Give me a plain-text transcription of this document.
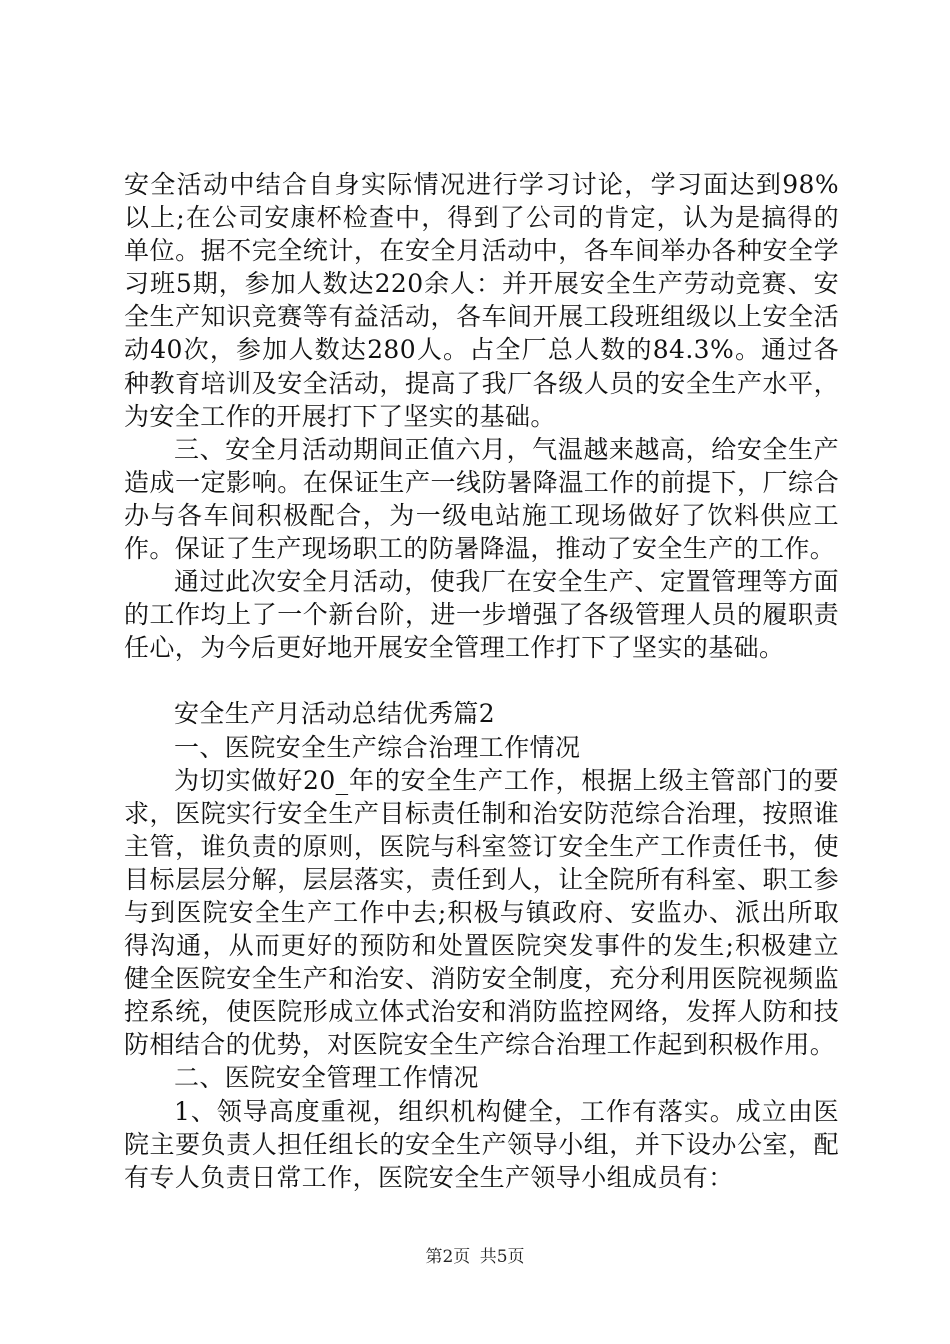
安全活动中结合自身实际情况进行学习讨论，学习面达到98%以上;在公司安康杯检查中，得到了公司的肯定，认为是搞得的单位。据不完全统计，在安全月活动中，各车间举办各种安全学习班5期，参加人数达220余人：并开展安全生产劳动竞赛、安全生产知识竞赛等有益活动，各车间开展工段班组级以上安全活动40次，参加人数达280人。占全厂总人数的84.3%。通过各种教育培训及安全活动，提高了我厂各级人员的安全生产水平，为安全工作的开展打下了坚实的基础。

三、安全月活动期间正值六月，气温越来越高，给安全生产造成一定影响。在保证生产一线防暑降温工作的前提下，厂综合办与各车间积极配合，为一级电站施工现场做好了饮料供应工作。保证了生产现场职工的防暑降温，推动了安全生产的工作。

通过此次安全月活动，使我厂在安全生产、定置管理等方面的工作均上了一个新台阶，进一步增强了各级管理人员的履职责任心，为今后更好地开展安全管理工作打下了坚实的基础。

安全生产月活动总结优秀篇2

一、医院安全生产综合治理工作情况

为切实做好20_年的安全生产工作，根据上级主管部门的要求，医院实行安全生产目标责任制和治安防范综合治理，按照谁主管，谁负责的原则，医院与科室签订安全生产工作责任书，使目标层层分解，层层落实，责任到人，让全院所有科室、职工参与到医院安全生产工作中去;积极与镇政府、安监办、派出所取得沟通，从而更好的预防和处置医院突发事件的发生;积极建立健全医院安全生产和治安、消防安全制度，充分利用医院视频监控系统，使医院形成立体式治安和消防监控网络，发挥人防和技防相结合的优势，对医院安全生产综合治理工作起到积极作用。

二、医院安全管理工作情况

1、领导高度重视，组织机构健全，工作有落实。成立由医院主要负责人担任组长的安全生产领导小组，并下设办公室，配有专人负责日常工作，医院安全生产领导小组成员有：

第2页 共5页
